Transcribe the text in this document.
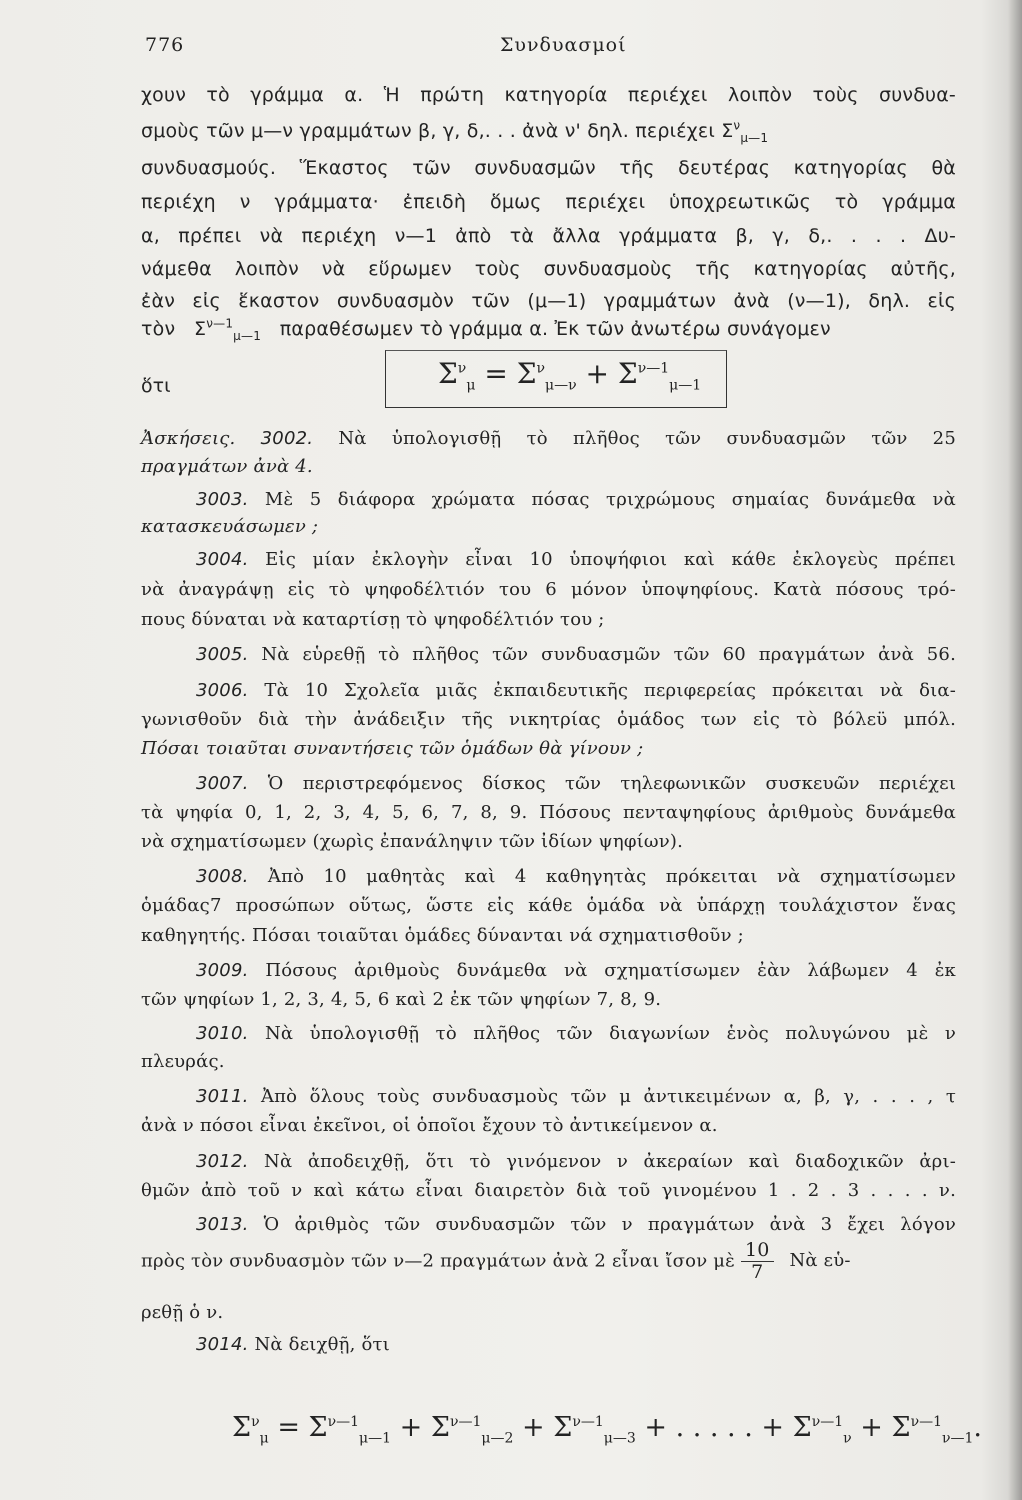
776	Συνδυασμοί
χουν τὸ γράμμα α. Ἡ πρώτη κατηγορία περιέχει λοιπὸν τοὺς συνδυα-
σμοὺς τῶν μ—ν γραμμάτων β, γ, δ,. . . ἀνὰ ν' δηλ. περιέχει $\Sigma^\nu_{\mu—1}$
συνδυασμούς. Ἕκαστος τῶν συνδυασμῶν τῆς δευτέρας κατηγορίας θὰ
περιέχη ν γράμματα· ἐπειδὴ ὅμως περιέχει ὑποχρεωτικῶς τὸ γράμμα
α, πρέπει νὰ περιέχη ν—1 ἀπὸ τὰ ἄλλα γράμματα β, γ, δ,. . . . Δυ-
νάμεθα λοιπὸν νὰ εὕρωμεν τοὺς συνδυασμοὺς τῆς κατηγορίας αὐτῆς,
ἐὰν εἰς ἕκαστον συνδυασμὸν τῶν (μ—1) γραμμάτων ἀνὰ (ν—1), δηλ. εἰς
τὸν $\Sigma^{\nu—1}_{\mu—1}$ παραθέσωμεν τὸ γράμμα α. Ἐκ τῶν ἀνωτέρω συνάγομεν
ὅτι	$\Sigma^\nu_\mu = \Sigma^\nu_{\mu—\nu} + \Sigma^{\nu—1}_{\mu—1}$
Ἀσκήσεις. 3002. Νὰ ὑπολογισθῇ τὸ πλῆθος τῶν συνδυασμῶν τῶν 25
πραγμάτων ἀνὰ 4.
3003. Μὲ 5 διάφορα χρώματα πόσας τριχρώμους σημαίας δυνάμεθα νὰ
κατασκευάσωμεν ;
3004. Εἰς μίαν ἐκλογὴν εἶναι 10 ὑποψήφιοι καὶ κάθε ἐκλογεὺς πρέπει
νὰ ἀναγράψῃ εἰς τὸ ψηφοδέλτιόν του 6 μόνον ὑποψηφίους. Κατὰ πόσους τρό-
πους δύναται νὰ καταρτίσῃ τὸ ψηφοδέλτιόν του ;
3005. Νὰ εὑρεθῇ τὸ πλῆθος τῶν συνδυασμῶν τῶν 60 πραγμάτων ἀνὰ 56.
3006. Τὰ 10 Σχολεῖα μιᾶς ἐκπαιδευτικῆς περιφερείας πρόκειται νὰ δια-
γωνισθοῦν διὰ τὴν ἀνάδειξιν τῆς νικητρίας ὁμάδος των εἰς τὸ βόλεϋ μπόλ.
Πόσαι τοιαῦται συναντήσεις τῶν ὁμάδων θὰ γίνουν ;
3007. Ὁ περιστρεφόμενος δίσκος τῶν τηλεφωνικῶν συσκευῶν περιέχει
τὰ ψηφία 0, 1, 2, 3, 4, 5, 6, 7, 8, 9. Πόσους πενταψηφίους ἀριθμοὺς δυνάμεθα
νὰ σχηματίσωμεν (χωρὶς ἐπανάληψιν τῶν ἰδίων ψηφίων).
3008. Ἀπὸ 10 μαθητὰς καὶ 4 καθηγητὰς πρόκειται νὰ σχηματίσωμεν
ὁμάδας7 προσώπων οὕτως, ὥστε εἰς κάθε ὁμάδα νὰ ὑπάρχῃ τουλάχιστον ἕνας
καθηγητής. Πόσαι τοιαῦται ὁμάδες δύνανται νά σχηματισθοῦν ;
3009. Πόσους ἀριθμοὺς δυνάμεθα νὰ σχηματίσωμεν ἐὰν λάβωμεν 4 ἐκ
τῶν ψηφίων 1, 2, 3, 4, 5, 6 καὶ 2 ἐκ τῶν ψηφίων 7, 8, 9.
3010. Νὰ ὑπολογισθῇ τὸ πλῆθος τῶν διαγωνίων ἑνὸς πολυγώνου μὲ ν
πλευράς.
3011. Ἀπὸ ὅλους τοὺς συνδυασμοὺς τῶν μ ἀντικειμένων α, β, γ, . . . , τ
ἀνὰ ν πόσοι εἶναι ἐκεῖνοι, οἱ ὁποῖοι ἔχουν τὸ ἀντικείμενον α.
3012. Νὰ ἀποδειχθῇ, ὅτι τὸ γινόμενον ν ἀκεραίων καὶ διαδοχικῶν ἀρι-
θμῶν ἀπὸ τοῦ ν καὶ κάτω εἶναι διαιρετὸν διὰ τοῦ γινομένου 1 . 2 . 3 . . . . ν.
3013. Ὁ ἀριθμὸς τῶν συνδυασμῶν τῶν ν πραγμάτων ἀνὰ 3 ἔχει λόγον
πρὸς τὸν συνδυασμὸν τῶν ν—2 πραγμάτων ἀνὰ 2 εἶναι ἴσον μὲ $\frac{10}{7}$ Νὰ εὑ-
ρεθῇ ὁ ν.
3014. Νὰ δειχθῇ, ὅτι
$\Sigma^\nu_\mu = \Sigma^{\nu—1}_{\mu—1} + \Sigma^{\nu—1}_{\mu—2} + \Sigma^{\nu—1}_{\mu—3}$ + . . . . . + $\Sigma^{\nu—1}_\nu + \Sigma^{\nu—1}_{\nu—1}$.
